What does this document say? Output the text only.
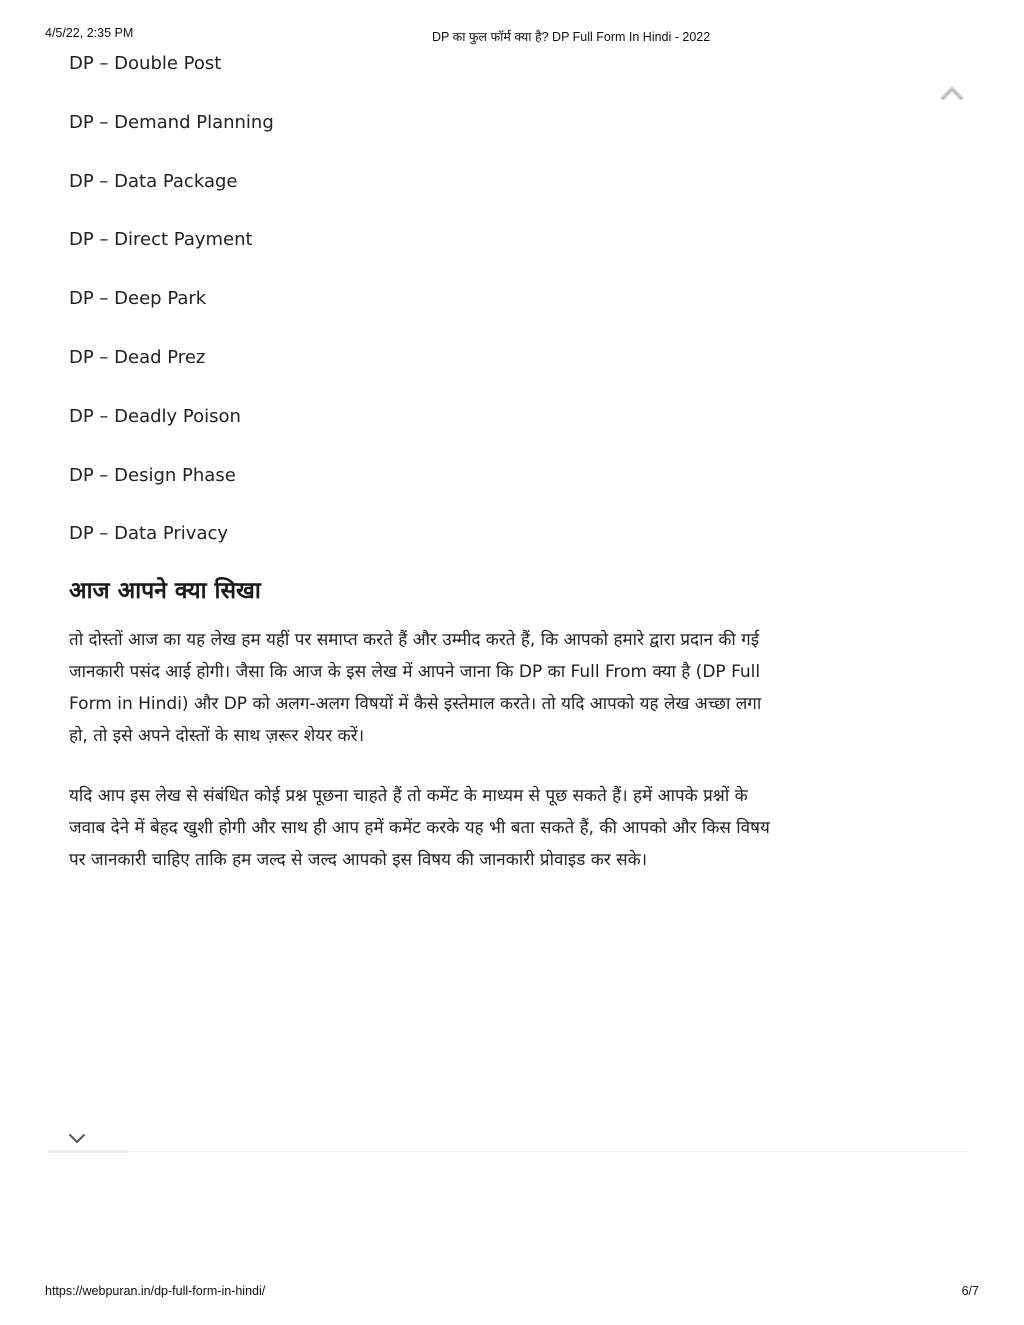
4/5/22, 2:35 PM	DP का फुल फॉर्म क्या है? DP Full Form In Hindi - 2022
DP – Double Post
DP – Demand Planning
DP – Data Package
DP – Direct Payment
DP – Deep Park
DP – Dead Prez
DP – Deadly Poison
DP – Design Phase
DP – Data Privacy
आज आपने क्या सिखा

तो दोस्तों आज का यह लेख हम यहीं पर समाप्त करते हैं और उम्मीद करते हैं, कि आपको हमारे द्वारा प्रदान की गई जानकारी पसंद आई होगी। जैसा कि आज के इस लेख में आपने जाना कि DP का Full From क्या है (DP Full Form in Hindi) और DP को अलग-अलग विषयों में कैसे इस्तेमाल करते। तो यदि आपको यह लेख अच्छा लगा हो, तो इसे अपने दोस्तों के साथ ज़रूर शेयर करें।

यदि आप इस लेख से संबंधित कोई प्रश्न पूछना चाहते हैं तो कमेंट के माध्यम से पूछ सकते हैं। हमें आपके प्रश्नों के जवाब देने में बेहद खुशी होगी और साथ ही आप हमें कमेंट करके यह भी बता सकते हैं, की आपको और किस विषय पर जानकारी चाहिए ताकि हम जल्द से जल्द आपको इस विषय की जानकारी प्रोवाइड कर सके।

https://webpuran.in/dp-full-form-in-hindi/	6/7
